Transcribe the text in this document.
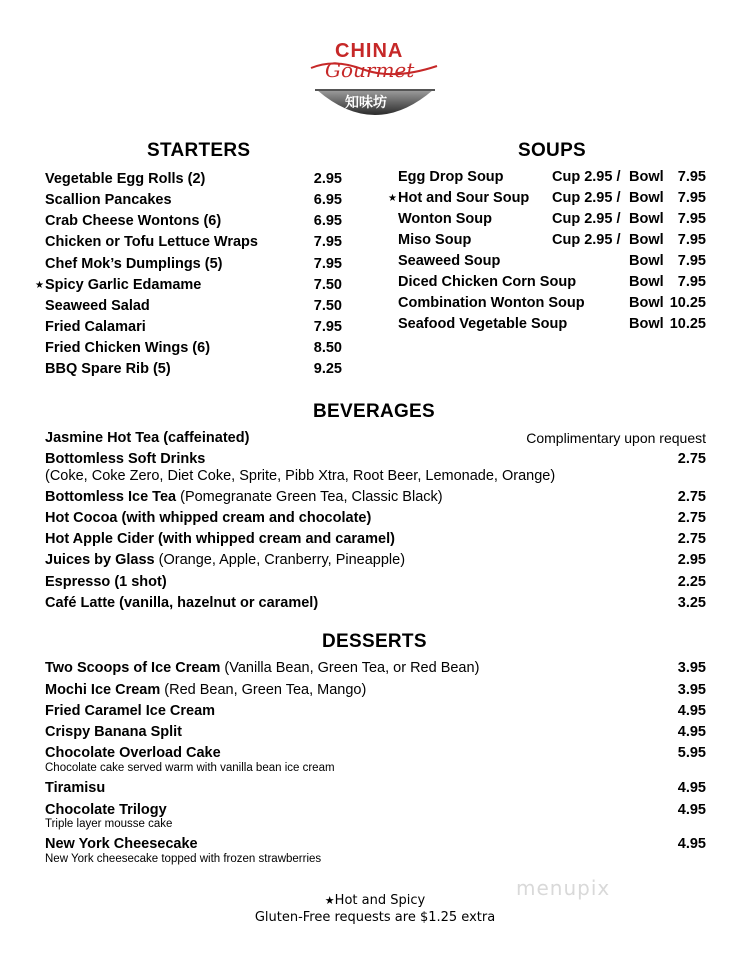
CHINA
Gourmet
知味坊
STARTERS
Vegetable Egg Rolls (2)	2.95
Scallion Pancakes	6.95
Crab Cheese Wontons (6)	6.95
Chicken or Tofu Lettuce Wraps	7.95
Chef Mok’s Dumplings (5)	7.95
★ Spicy Garlic Edamame	7.50
Seaweed Salad	7.50
Fried Calamari	7.95
Fried Chicken Wings (6)	8.50
BBQ Spare Rib (5)	9.25
SOUPS
Egg Drop Soup	Cup 2.95 / Bowl 7.95
★ Hot and Sour Soup Cup 2.95 / Bowl 7.95
Wonton Soup	Cup 2.95 / Bowl 7.95
Miso Soup	Cup 2.95 / Bowl 7.95
Seaweed Soup	Bowl 7.95
Diced Chicken Corn Soup	Bowl 7.95
Combination Wonton Soup	Bowl 10.25
Seafood Vegetable Soup	Bowl 10.25
BEVERAGES
Jasmine Hot Tea (caffeinated)	Complimentary upon request
Bottomless Soft Drinks	2.75
(Coke, Coke Zero, Diet Coke, Sprite, Pibb Xtra, Root Beer, Lemonade, Orange)
Bottomless Ice Tea (Pomegranate Green Tea, Classic Black)	2.75
Hot Cocoa (with whipped cream and chocolate)	2.75
Hot Apple Cider (with whipped cream and caramel)	2.75
Juices by Glass (Orange, Apple, Cranberry, Pineapple)	2.95
Espresso (1 shot)	2.25
Café Latte (vanilla, hazelnut or caramel)	3.25
DESSERTS
Two Scoops of Ice Cream (Vanilla Bean, Green Tea, or Red Bean)	3.95
Mochi Ice Cream (Red Bean, Green Tea, Mango)	3.95
Fried Caramel Ice Cream	4.95
Crispy Banana Split	4.95
Chocolate Overload Cake	5.95
Chocolate cake served warm with vanilla bean ice cream
Tiramisu	4.95
Chocolate Trilogy	4.95
Triple layer mousse cake
New York Cheesecake	4.95
New York cheesecake topped with frozen strawberries
menupix
★Hot and Spicy
Gluten-Free requests are $1.25 extra
